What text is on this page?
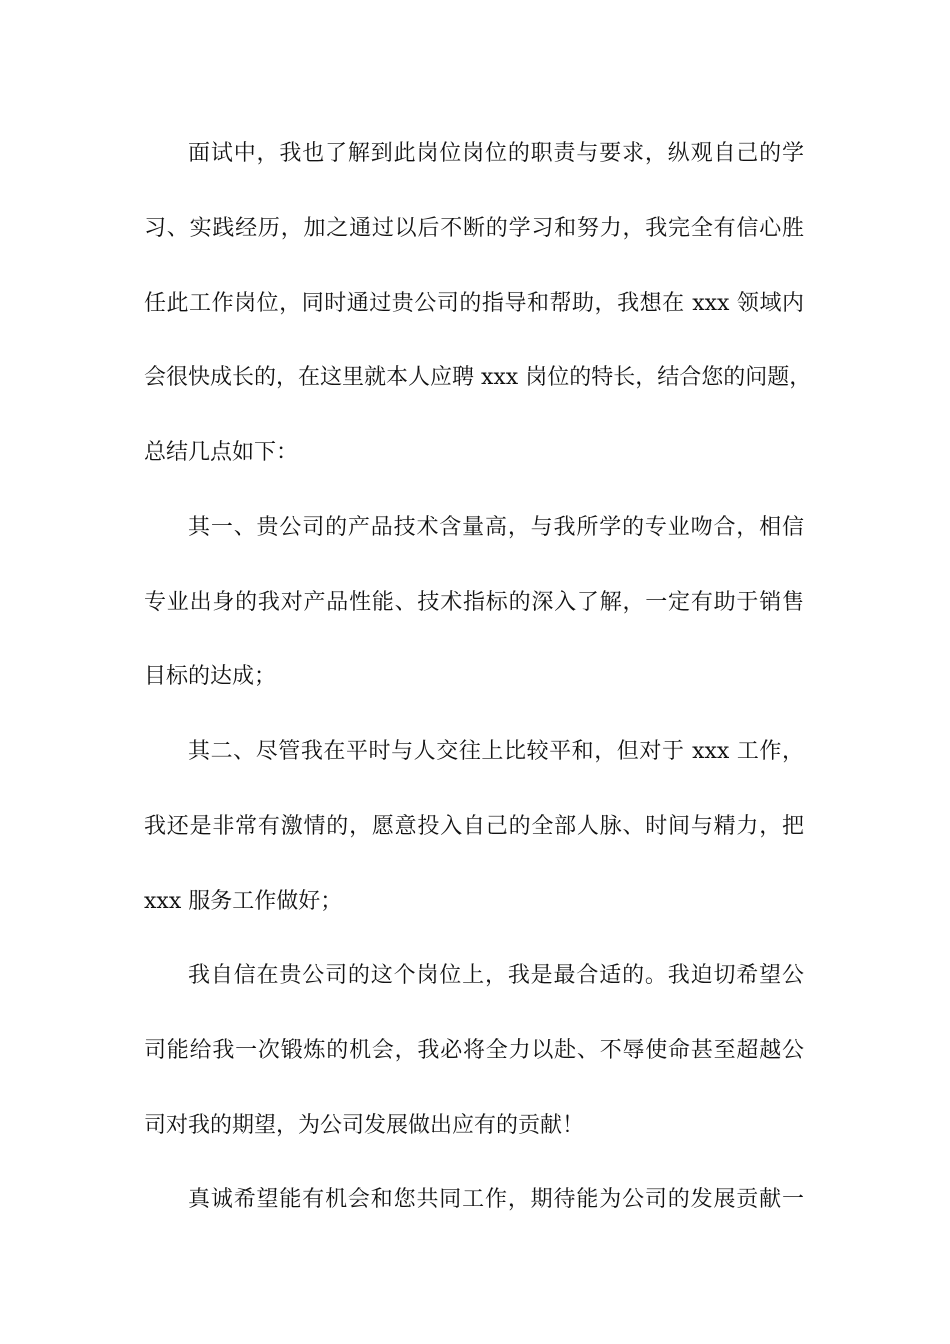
面试中，我也了解到此岗位岗位的职责与要求，纵观自己的学
习、实践经历，加之通过以后不断的学习和努力，我完全有信心胜
任此工作岗位，同时通过贵公司的指导和帮助，我想在 xxx 领域内
会很快成长的，在这里就本人应聘 xxx 岗位的特长，结合您的问题，
总结几点如下：
其一、贵公司的产品技术含量高，与我所学的专业吻合，相信
专业出身的我对产品性能、技术指标的深入了解，一定有助于销售
目标的达成；
其二、尽管我在平时与人交往上比较平和，但对于 xxx 工作，
我还是非常有激情的，愿意投入自己的全部人脉、时间与精力，把
xxx 服务工作做好；
我自信在贵公司的这个岗位上，我是最合适的。我迫切希望公
司能给我一次锻炼的机会，我必将全力以赴、不辱使命甚至超越公
司对我的期望，为公司发展做出应有的贡献！
真诚希望能有机会和您共同工作，期待能为公司的发展贡献一
